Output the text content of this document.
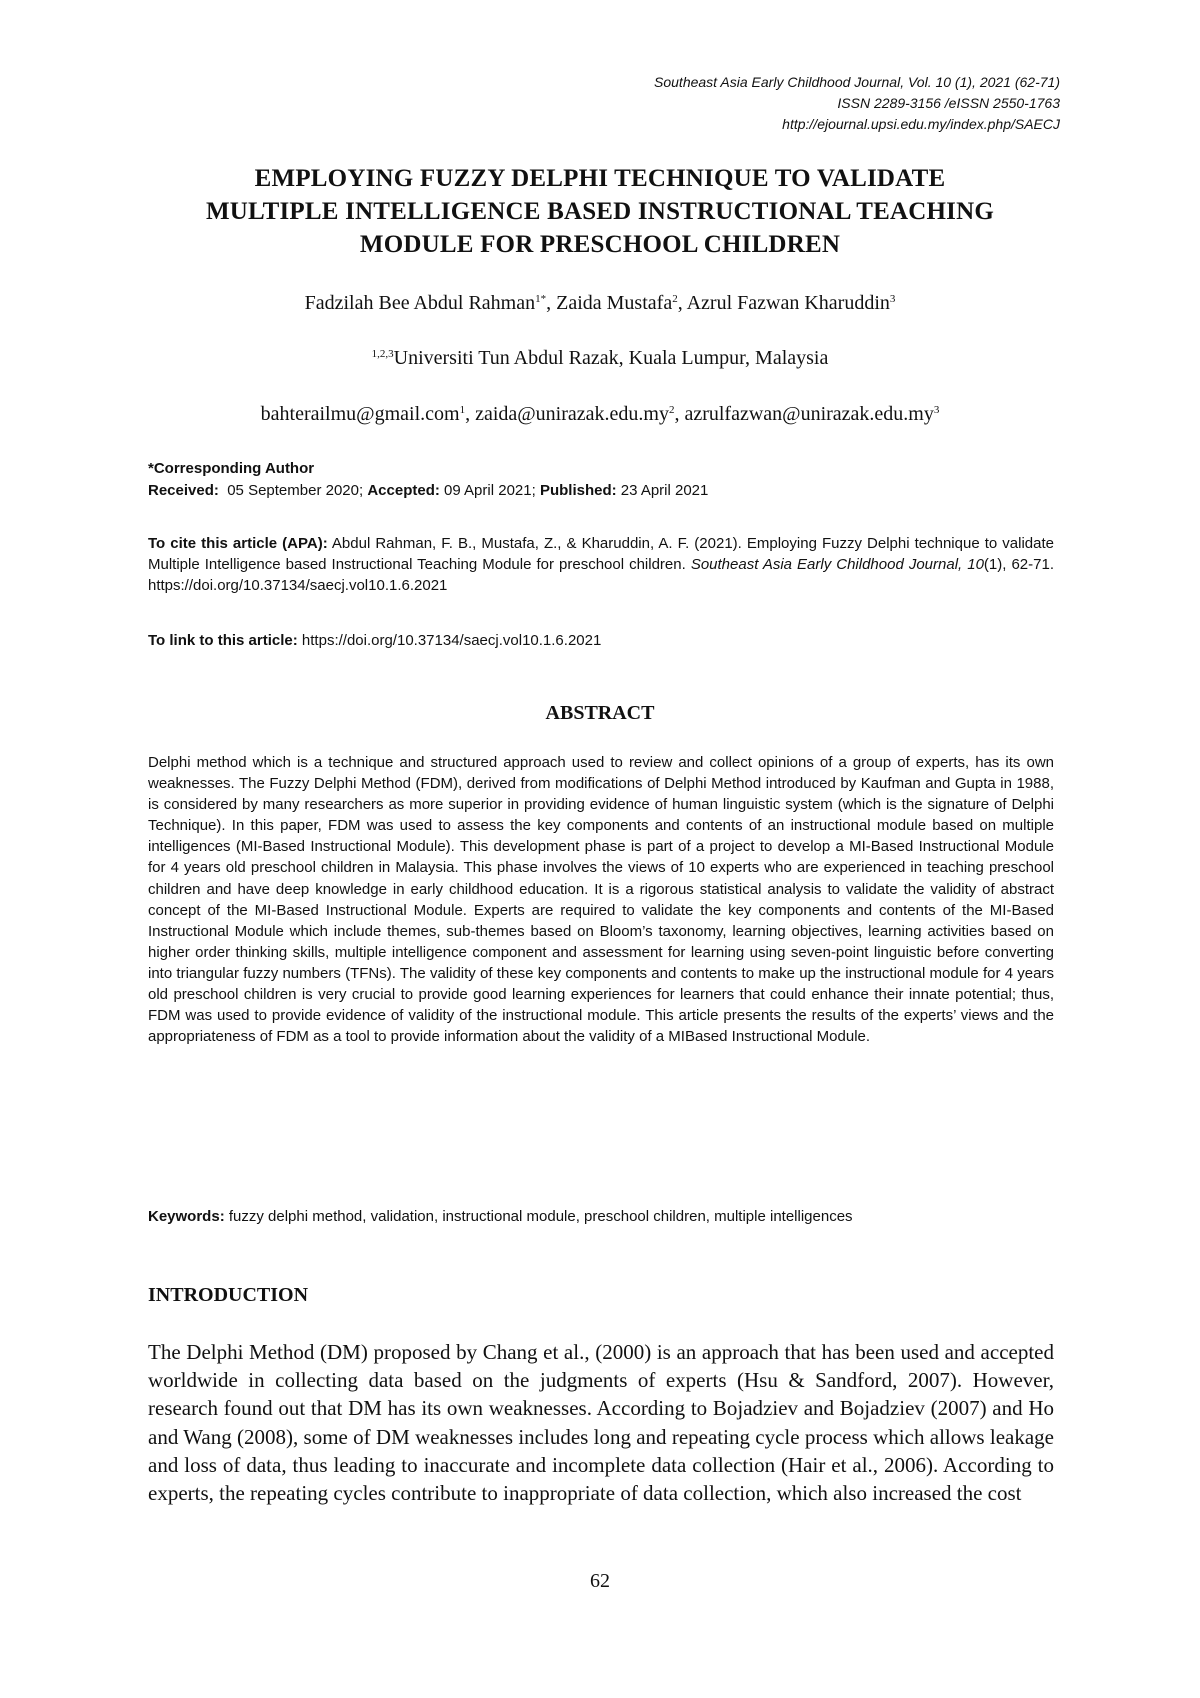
Southeast Asia Early Childhood Journal, Vol. 10 (1), 2021 (62-71)
ISSN 2289-3156 /eISSN 2550-1763
http://ejournal.upsi.edu.my/index.php/SAECJ
EMPLOYING FUZZY DELPHI TECHNIQUE TO VALIDATE
MULTIPLE INTELLIGENCE BASED INSTRUCTIONAL TEACHING
MODULE FOR PRESCHOOL CHILDREN
Fadzilah Bee Abdul Rahman$^{1*}$, Zaida Mustafa$^2$, Azrul Fazwan Kharuddin$^3$
$^{1,2,3}$Universiti Tun Abdul Razak, Kuala Lumpur, Malaysia
bahterailmu@gmail.com$^1$, $zaida@unirazak.edu.my^2$, $azrulfazwan@unirazak.edu.my^3$
*Corresponding Author
Received: 05 September 2020; Accepted: 09 April 2021; Published: 23 April 2021
To cite this article (APA): Abdul Rahman, F. B., Mustafa, Z., & Kharuddin, A. F. (2021). Employing Fuzzy Delphi technique to validate Multiple Intelligence based Instructional Teaching Module for preschool children. Southeast Asia Early Childhood Journal, 10(1), 62-71. https://doi.org/10.37134/saecj.vol10.1.6.2021
To link to this article: https://doi.org/10.37134/saecj.vol10.1.6.2021
ABSTRACT
Delphi method which is a technique and structured approach used to review and collect opinions of a group of experts, has its own weaknesses. The Fuzzy Delphi Method (FDM), derived from modifications of Delphi Method introduced by Kaufman and Gupta in 1988, is considered by many researchers as more superior in providing evidence of human linguistic system (which is the signature of Delphi Technique). In this paper, FDM was used to assess the key components and contents of an instructional module based on multiple intelligences (MI-Based Instructional Module). This development phase is part of a project to develop a MI-Based Instructional Module for 4 years old preschool children in Malaysia. This phase involves the views of 10 experts who are experienced in teaching preschool children and have deep knowledge in early childhood education. It is a rigorous statistical analysis to validate the validity of abstract concept of the MI-Based Instructional Module. Experts are required to validate the key components and contents of the MI-Based Instructional Module which include themes, sub-themes based on Bloom’s taxonomy, learning objectives, learning activities based on higher order thinking skills, multiple intelligence component and assessment for learning using seven-point linguistic before converting into triangular fuzzy numbers (TFNs). The validity of these key components and contents to make up the instructional module for 4 years old preschool children is very crucial to provide good learning experiences for learners that could enhance their innate potential; thus, FDM was used to provide evidence of validity of the instructional module. This article presents the results of the experts’ views and the appropriateness of FDM as a tool to provide information about the validity of a MIBased Instructional Module.
Keywords: fuzzy delphi method, validation, instructional module, preschool children, multiple intelligences
INTRODUCTION
The Delphi Method (DM) proposed by Chang et al., (2000) is an approach that has been used and accepted worldwide in collecting data based on the judgments of experts (Hsu & Sandford, 2007). However, research found out that DM has its own weaknesses. According to Bojadziev and Bojadziev (2007) and Ho and Wang (2008), some of DM weaknesses includes long and repeating cycle process which allows leakage and loss of data, thus leading to inaccurate and incomplete data collection (Hair et al., 2006). According to experts, the repeating cycles contribute to inappropriate of data collection, which also increased the cost
62
